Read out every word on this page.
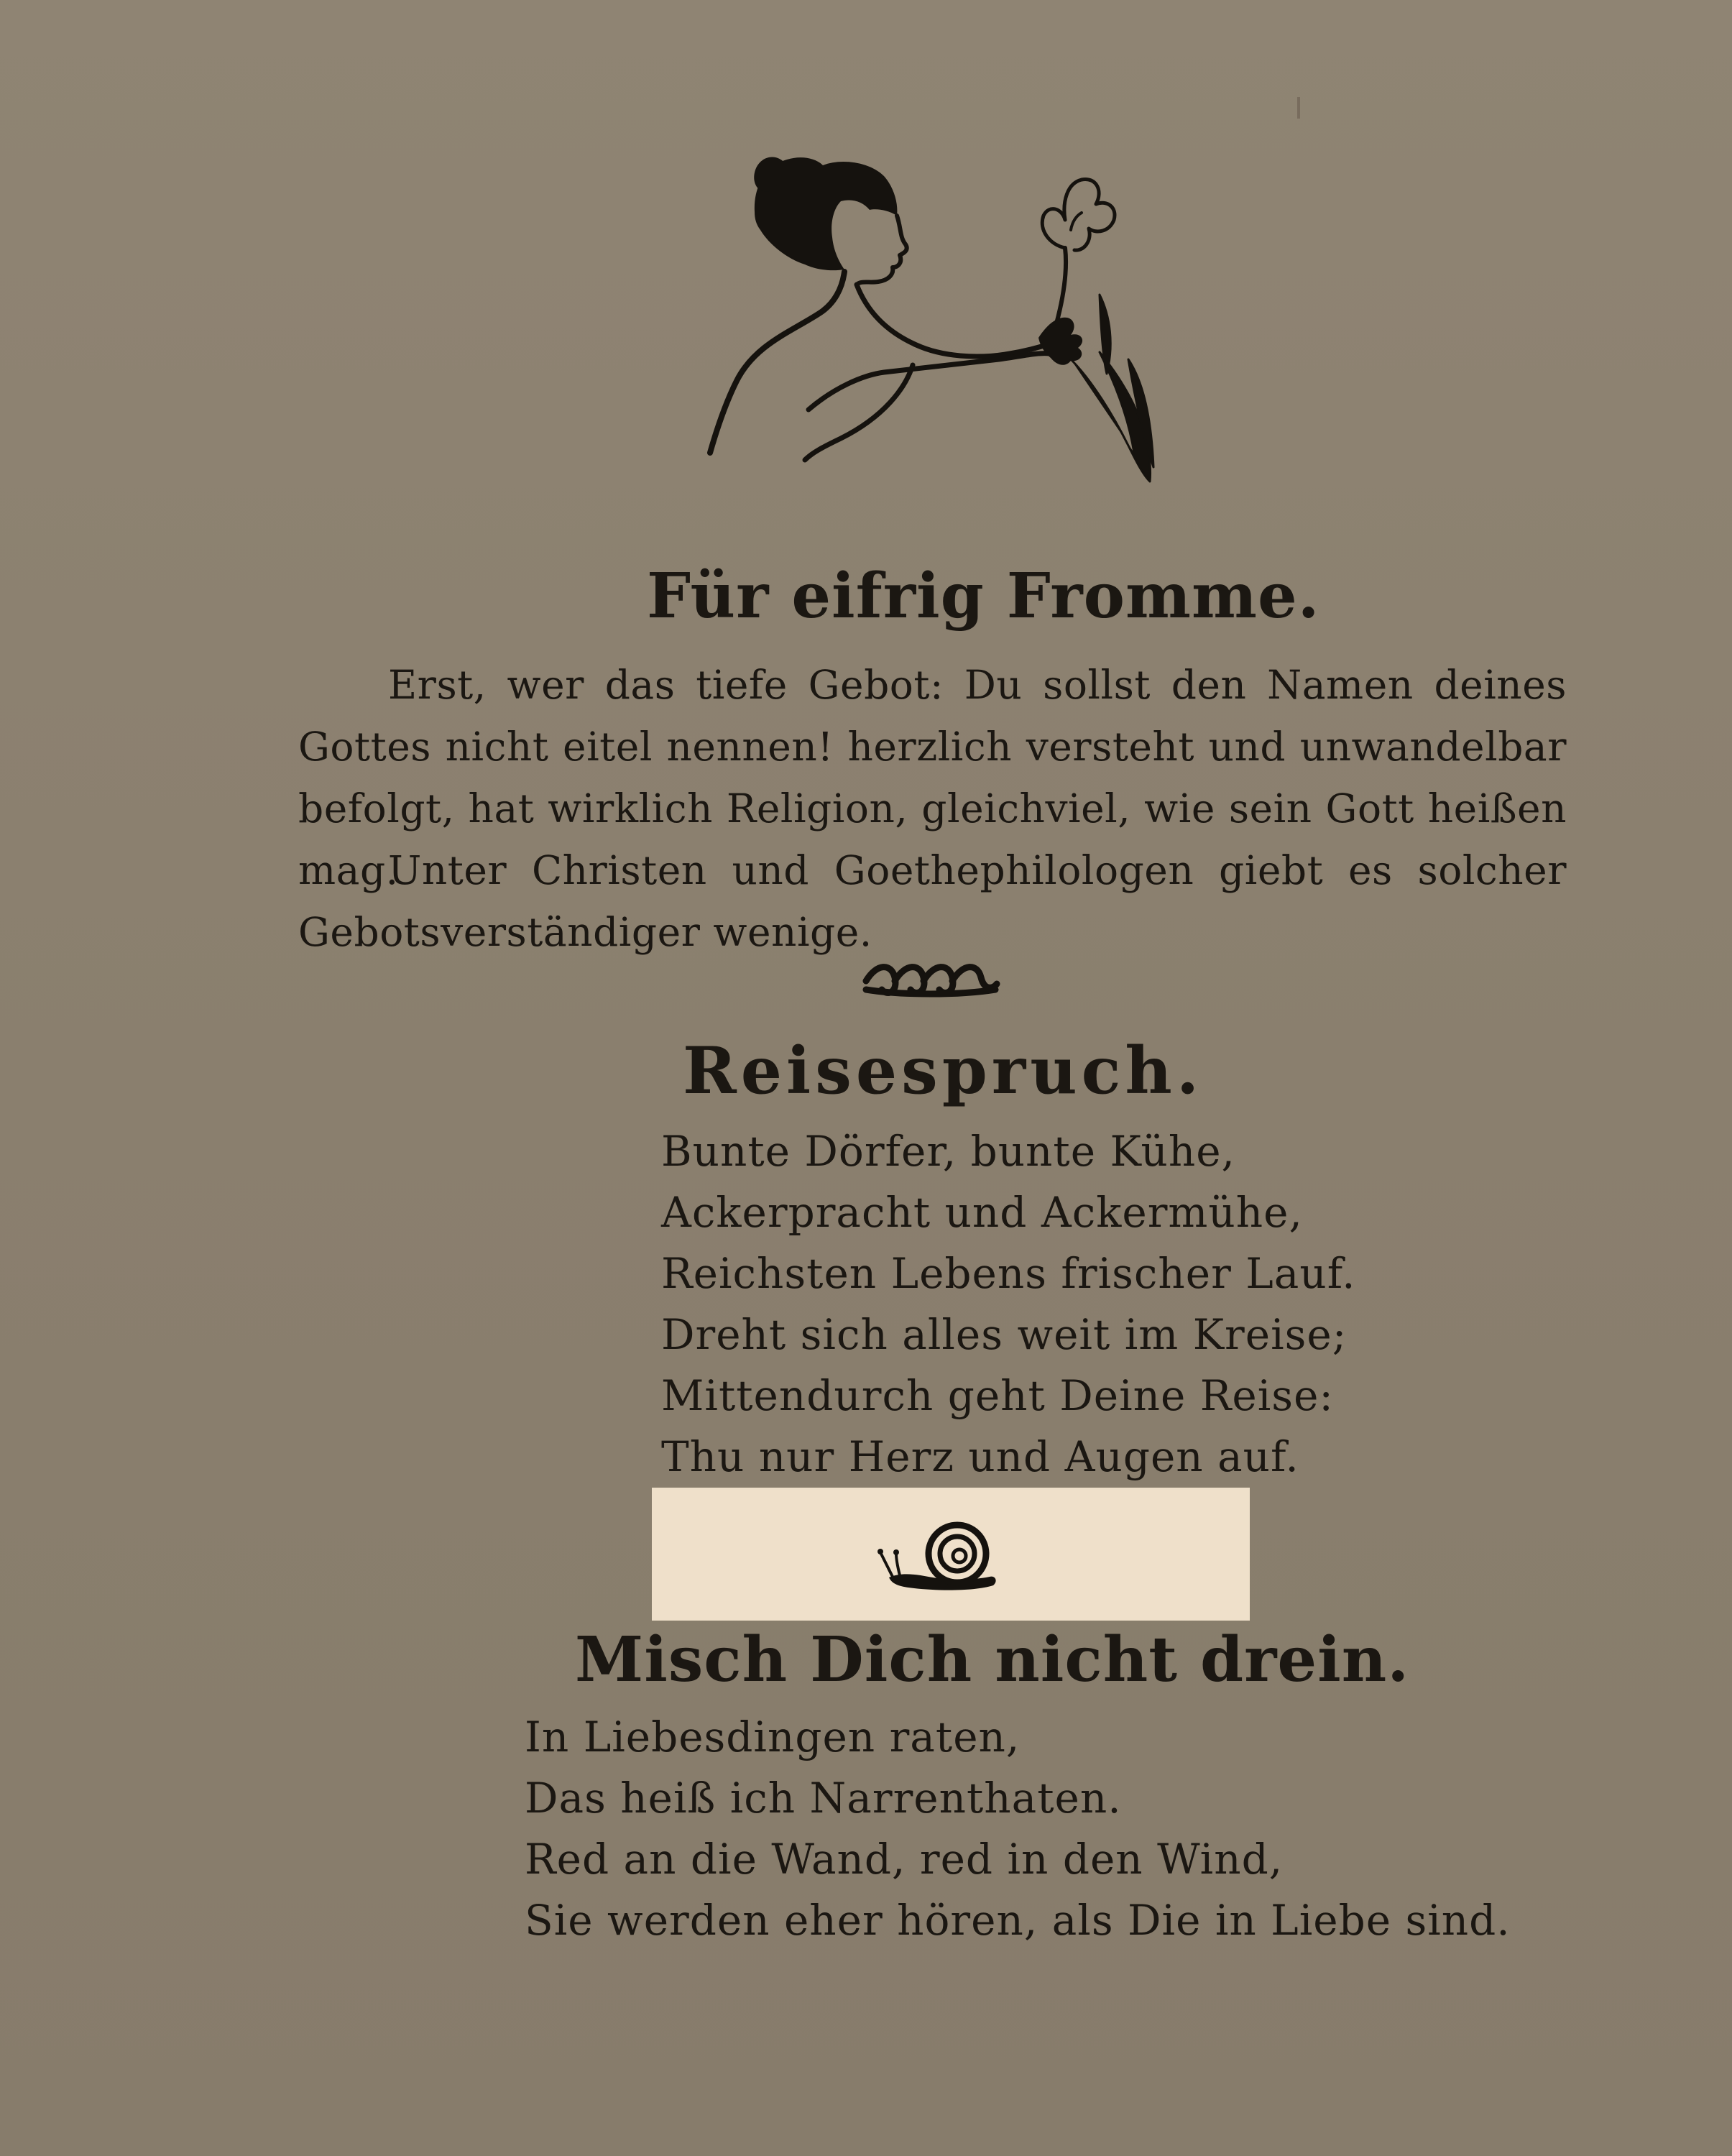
Für eifrig Fromme.

Erst, wer das tiefe Gebot: Du sollst den Namen deines Gottes nicht eitel nennen! herzlich versteht und unwandelbar befolgt, hat wirklich Religion, gleichviel, wie sein Gott heißen mag.

Unter Christen und Goethephilologen giebt es solcher Gebotsverständiger wenige.

Reisespruch.
Bunte Dörfer, bunte Kühe,
Ackerpracht und Ackermühe,
Reichsten Lebens frischer Lauf.
Dreht sich alles weit im Kreise;
Mittendurch geht Deine Reise:
Thu nur Herz und Augen auf.
Misch Dich nicht drein.
In Liebesdingen raten,
Das heiß ich Narrenthaten.
Red an die Wand, red in den Wind,
Sie werden eher hören, als Die in Liebe sind.
